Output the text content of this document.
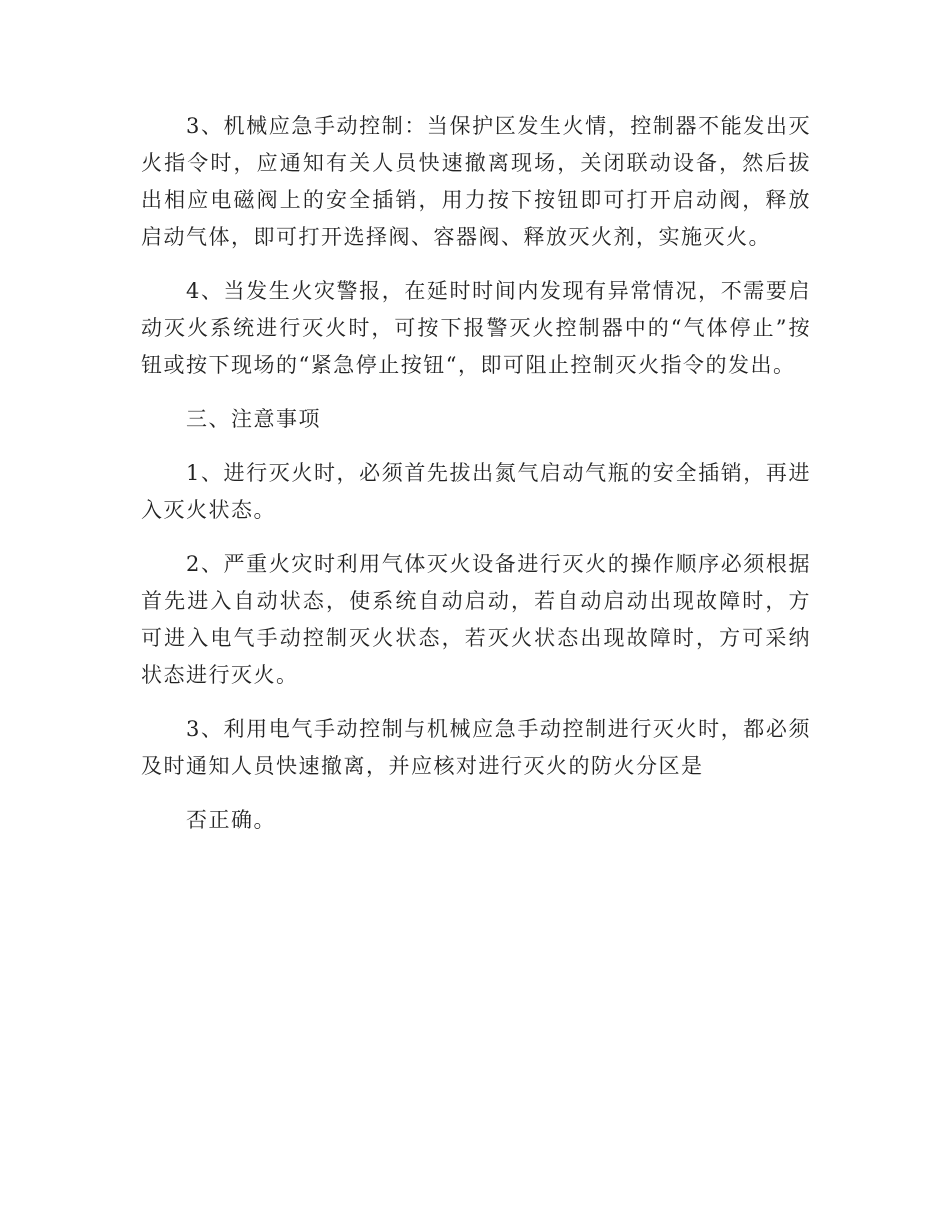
3、机械应急手动控制：当保护区发生火情，控制器不能发出灭火指令时，应通知有关人员快速撤离现场，关闭联动设备，然后拔出相应电磁阀上的安全插销，用力按下按钮即可打开启动阀，释放启动气体，即可打开选择阀、容器阀、释放灭火剂，实施灭火。

4、当发生火灾警报，在延时时间内发现有异常情况，不需要启动灭火系统进行灭火时，可按下报警灭火控制器中的“气体停止”按钮或按下现场的“紧急停止按钮“，即可阻止控制灭火指令的发出。

三、注意事项

1、进行灭火时，必须首先拔出氮气启动气瓶的安全插销，再进入灭火状态。

2、严重火灾时利用气体灭火设备进行灭火的操作顺序必须根据首先进入自动状态，使系统自动启动，若自动启动出现故障时，方可进入电气手动控制灭火状态，若灭火状态出现故障时，方可采纳状态进行灭火。

3、利用电气手动控制与机械应急手动控制进行灭火时，都必须及时通知人员快速撤离，并应核对进行灭火的防火分区是

否正确。
